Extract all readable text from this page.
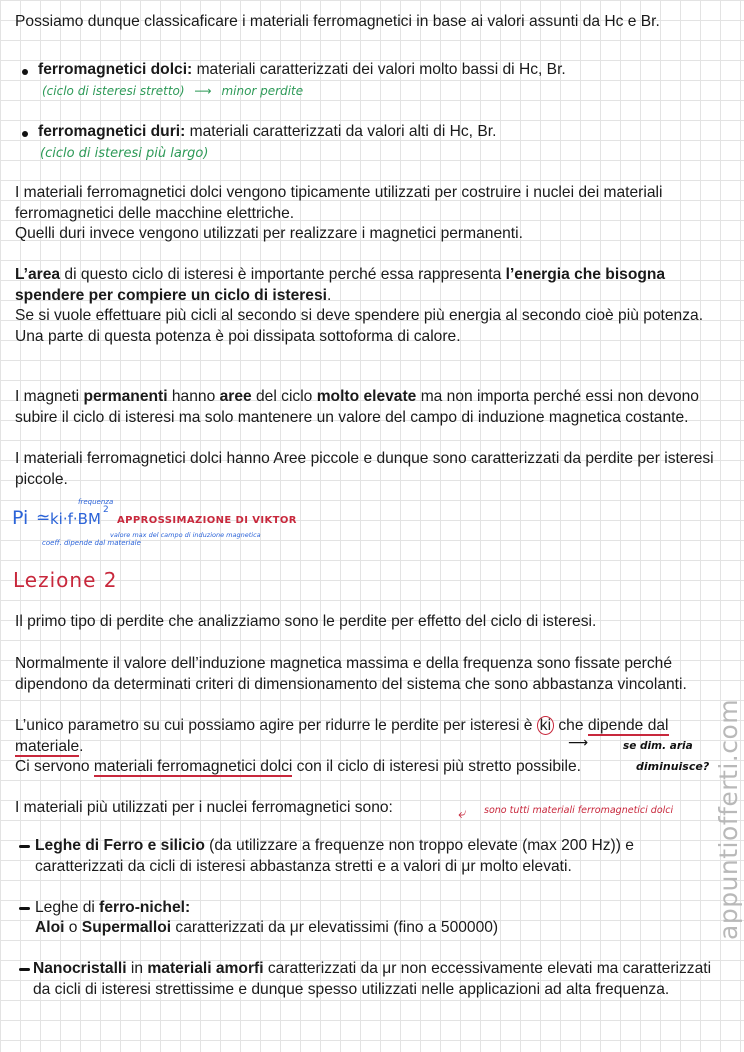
Possiamo dunque classicaficare i materiali ferromagnetici in base ai valori assunti da Hc e Br.

ferromagnetici dolci: materiali caratterizzati dei valori molto bassi di Hc, Br.

(ciclo di isteresi stretto) ⟶ minor perdite

ferromagnetici duri: materiali caratterizzati da valori alti di Hc, Br.

(ciclo di isteresi più largo)

I materiali ferromagnetici dolci vengono tipicamente utilizzati per costruire i nuclei dei materiali ferromagnetici delle macchine elettriche.

Quelli duri invece vengono utilizzati per realizzare i magnetici permanenti.

L’area di questo ciclo di isteresi è importante perché essa rappresenta l’energia che bisogna spendere per compiere un ciclo di isteresi.

Se si vuole effettuare più cicli al secondo si deve spendere più energia al secondo cioè più potenza. Una parte di questa potenza è poi dissipata sottoforma di calore.

I magneti permanenti hanno aree del ciclo molto elevate ma non importa perché essi non devono subire il ciclo di isteresi ma solo mantenere un valore del campo di induzione magnetica costante.

I materiali ferromagnetici dolci hanno Aree piccole e dunque sono caratterizzati da perdite per isteresi piccole.

Pi ≃ ki·f·BM 2
APPROSSIMAZIONE DI VIKTOR
frequenza
coeff. dipende dal materiale
valore max del campo di induzione magnetica
Lezione 2

Il primo tipo di perdite che analizziamo sono le perdite per effetto del ciclo di isteresi.

Normalmente il valore dell’induzione magnetica massima e della frequenza sono fissate perché dipendono da determinati criteri di dimensionamento del sistema che sono abbastanza vincolanti.

L’unico parametro su cui possiamo agire per ridurre le perdite per isteresi è ki che dipende dal materiale.

Ci servono materiali ferromagnetici dolci con il ciclo di isteresi più stretto possibile.

⟶	se dim. aria
diminuisce?

I materiali più utilizzati per i nuclei ferromagnetici sono:	⤶ sono tutti materiali ferromagnetici dolci

Leghe di Ferro e silicio (da utilizzare a frequenze non troppo elevate (max 200 Hz)) e caratterizzati da cicli di isteresi abbastanza stretti e a valori di μr molto elevati.

Leghe di ferro-nichel:

Aloi o Supermalloi caratterizzati da μr elevatissimi (fino a 500000)

Nanocristalli in materiali amorfi caratterizzati da μr non eccessivamente elevati ma caratterizzati da cicli di isteresi strettissime e dunque spesso utilizzati nelle applicazioni ad alta frequenza.

appuntiofferti.com
